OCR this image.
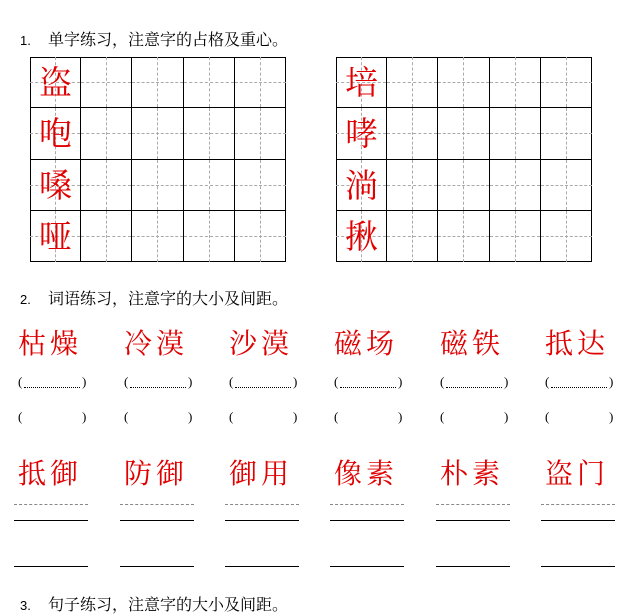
1. 单字练习，注意字的占格及重心。
盗
咆
嗓
哑
培
哮
淌
揪
2. 词语练习，注意字的大小及间距。
枯燥
(	)
(	)
冷漠
(	)
(	)
沙漠
(	)
(	)
磁场
(	)
(	)
磁铁
(	)
(	)
抵达
(	)
(	)
抵御 防御 御用 像素 朴素 盗门
3. 句子练习，注意字的大小及间距。
